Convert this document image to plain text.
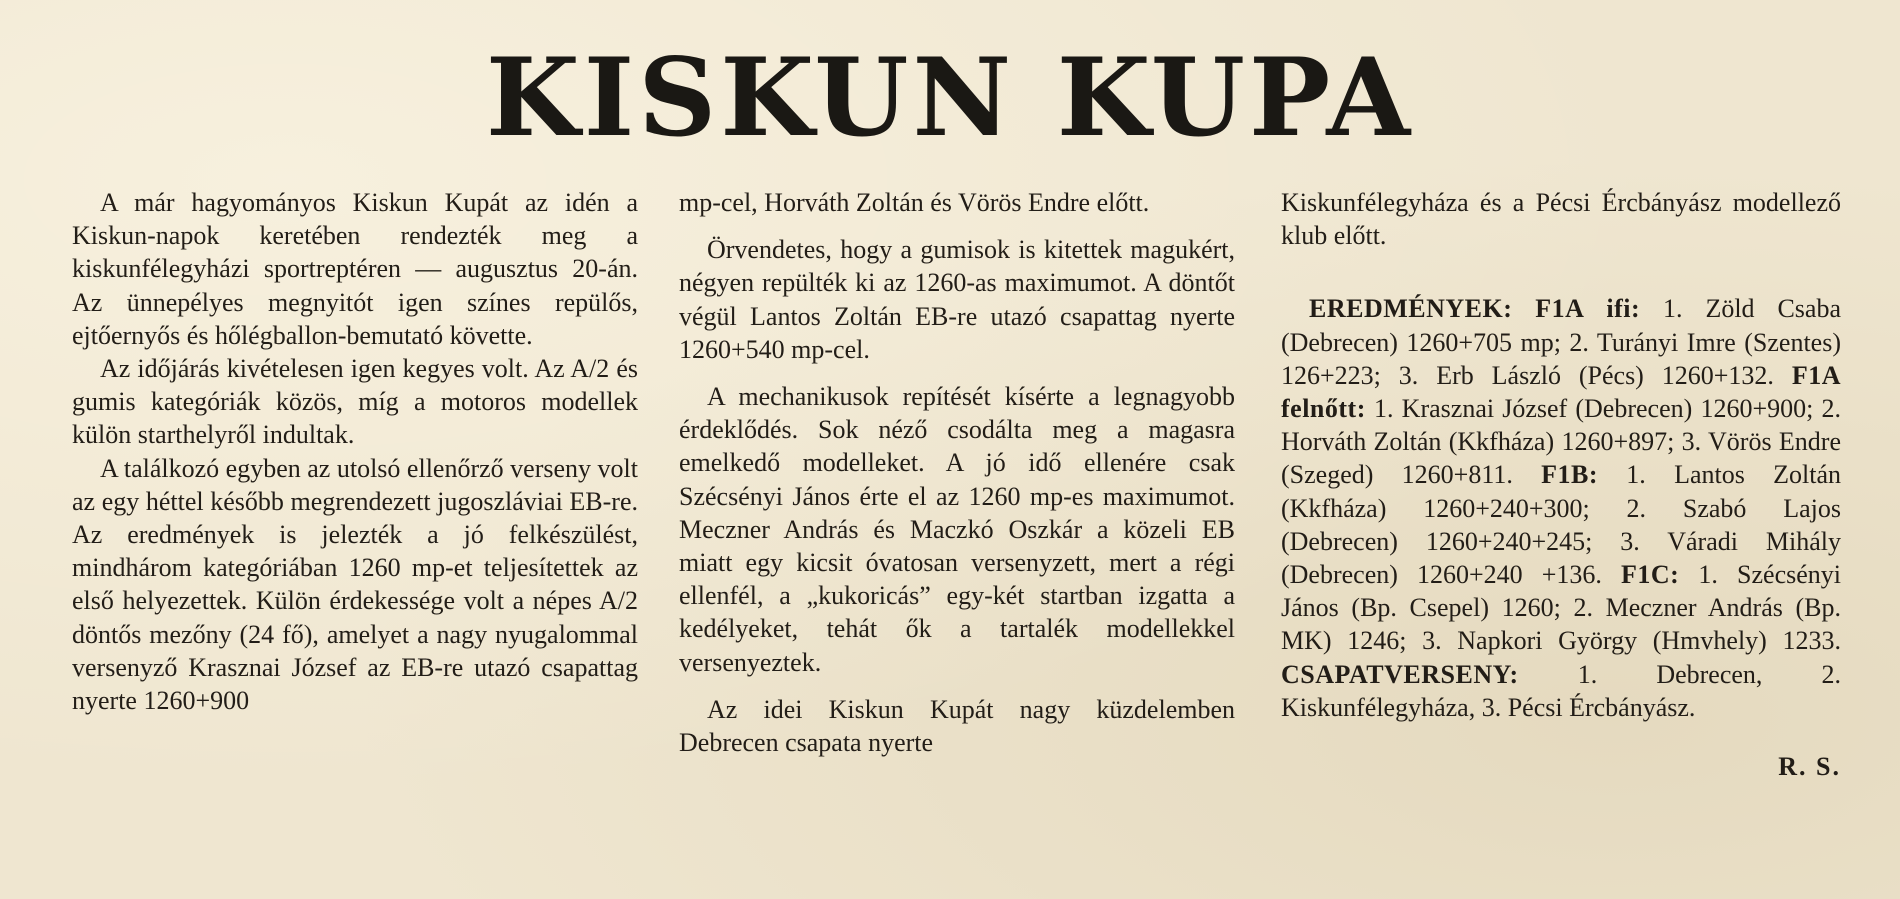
KISKUN KUPA

A már hagyományos Kiskun Kupát az idén a Kiskun-napok keretében rendezték meg a kiskunfélegyházi sportreptéren — augusztus 20-án. Az ünnepélyes megnyitót igen színes repülős, ejtőernyős és hőlégballon-bemutató követte.

Az időjárás kivételesen igen kegyes volt. Az A/2 és gumis kategóriák közös, míg a motoros modellek külön starthelyről indultak.

A találkozó egyben az utolsó ellenőrző verseny volt az egy héttel később megrendezett jugoszláviai EB-re. Az eredmények is jelezték a jó felkészülést, mindhárom kategóriában 1260 mp-et teljesítettek az első helyezettek. Külön érdekessége volt a népes A/2 döntős mezőny (24 fő), amelyet a nagy nyugalommal versenyző Krasznai József az EB-re utazó csapattag nyerte 1260+900

mp-cel, Horváth Zoltán és Vörös Endre előtt.

Örvendetes, hogy a gumisok is kitettek magukért, négyen repülték ki az 1260-as maximumot. A döntőt végül Lantos Zoltán EB-re utazó csapattag nyerte 1260+540 mp-cel.

A mechanikusok repítését kísérte a legnagyobb érdeklődés. Sok néző csodálta meg a magasra emelkedő modelleket. A jó idő ellenére csak Szécsényi János érte el az 1260 mp-es maximumot. Meczner András és Maczkó Oszkár a közeli EB miatt egy kicsit óvatosan versenyzett, mert a régi ellenfél, a „kukoricás” egy-két startban izgatta a kedélyeket, tehát ők a tartalék modellekkel versenyeztek.

Az idei Kiskun Kupát nagy küzdelemben Debrecen csapata nyerte

Kiskunfélegyháza és a Pécsi Ércbányász modellező klub előtt.

EREDMÉNYEK: F1A ifi: 1. Zöld Csaba (Debrecen) 1260+705 mp; 2. Turányi Imre (Szentes) 126+223; 3. Erb László (Pécs) 1260+132. F1A felnőtt: 1. Krasznai József (Debrecen) 1260+900; 2. Horváth Zoltán (Kkfháza) 1260+897; 3. Vörös Endre (Szeged) 1260+811. F1B: 1. Lantos Zoltán (Kkfháza) 1260+240+300; 2. Szabó Lajos (Debrecen) 1260+240+245; 3. Váradi Mihály (Debrecen) 1260+240 +136. F1C: 1. Szécsényi János (Bp. Csepel) 1260; 2. Meczner András (Bp. MK) 1246; 3. Napkori György (Hmvhely) 1233. CSAPATVERSENY: 1. Debrecen, 2. Kiskunfélegyháza, 3. Pécsi Ércbányász.

R. S.
